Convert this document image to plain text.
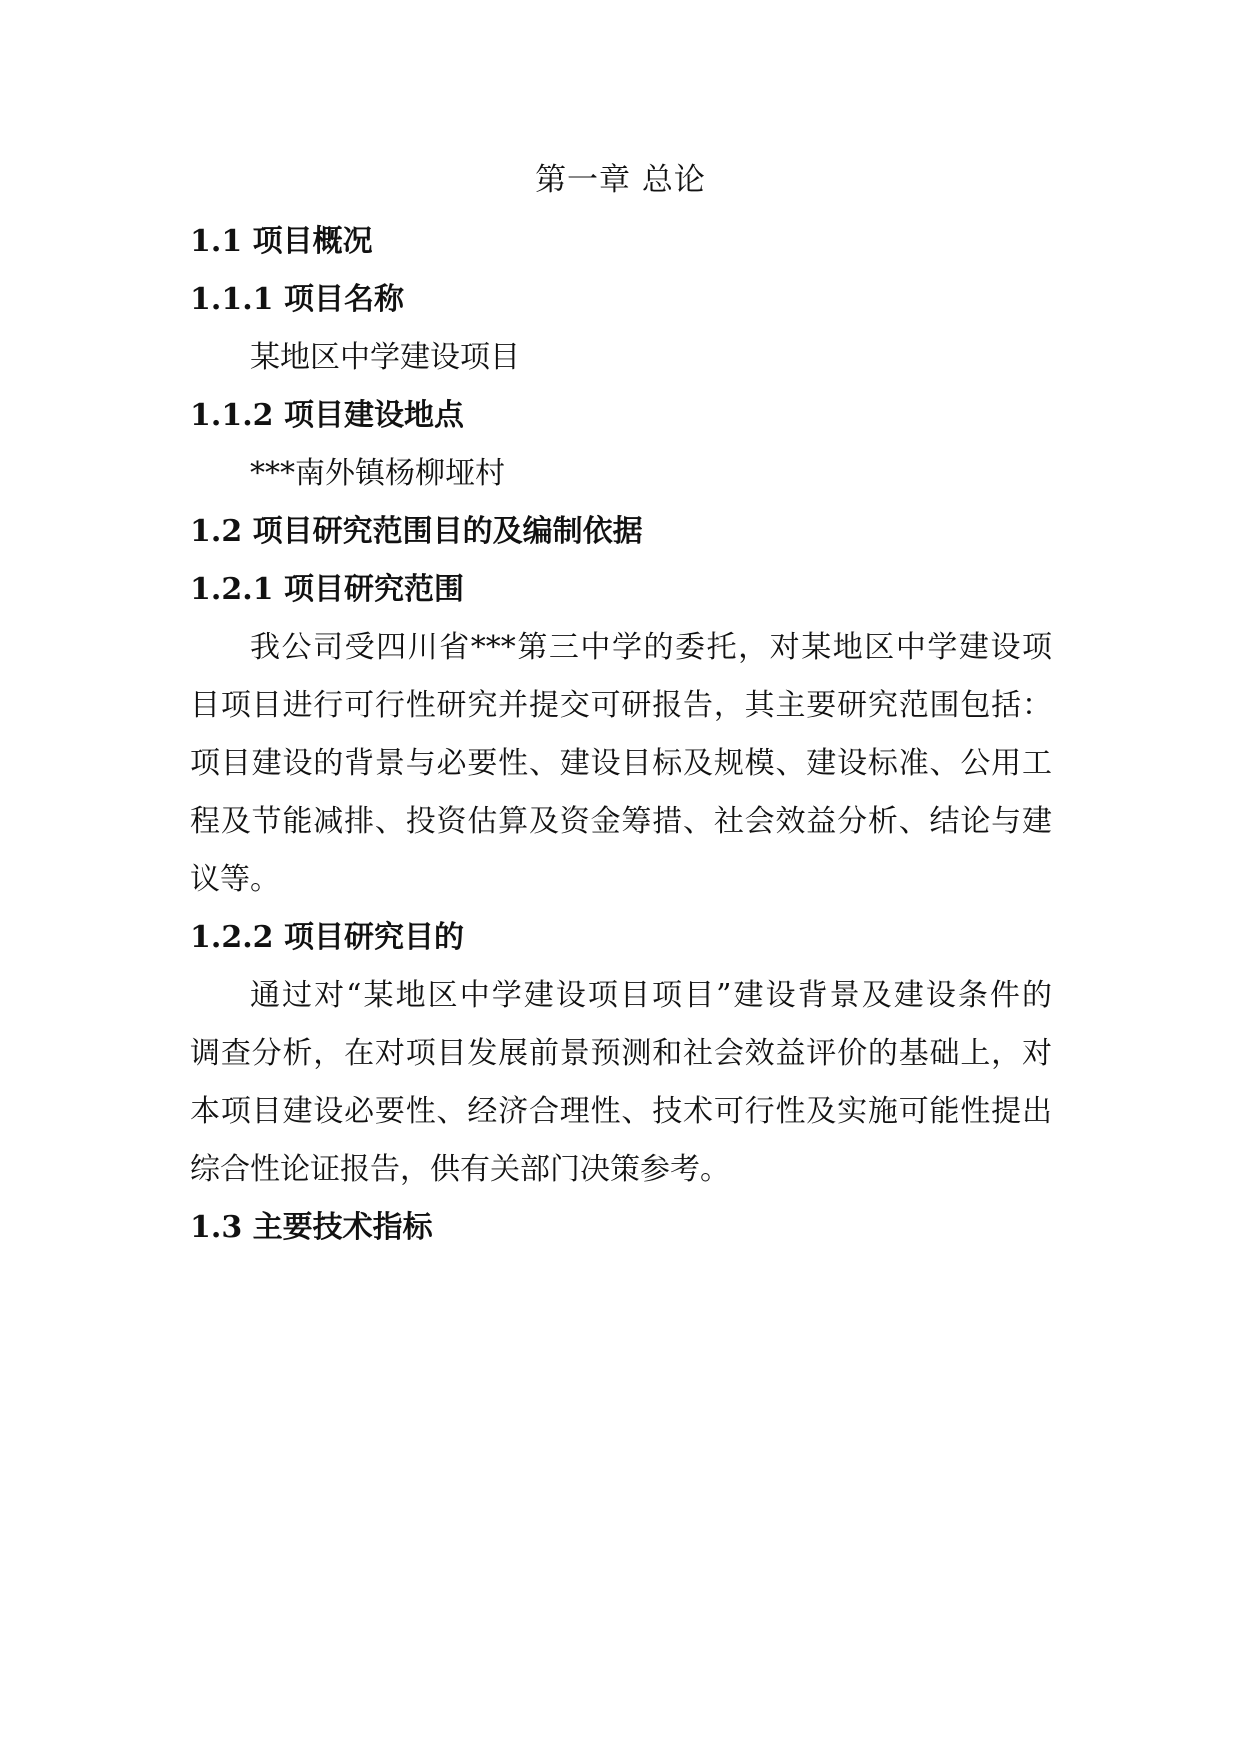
第一章 总论
1.1 项目概况
1.1.1 项目名称
某地区中学建设项目
1.1.2 项目建设地点
***南外镇杨柳垭村
1.2 项目研究范围目的及编制依据
1.2.1 项目研究范围
我公司受四川省***第三中学的委托，对某地区中学建设项
目项目进行可行性研究并提交可研报告，其主要研究范围包括：
项目建设的背景与必要性、建设目标及规模、建设标准、公用工
程及节能减排、投资估算及资金筹措、社会效益分析、结论与建
议等。
1.2.2 项目研究目的
通过对“某地区中学建设项目项目”建设背景及建设条件的
调查分析，在对项目发展前景预测和社会效益评价的基础上，对
本项目建设必要性、经济合理性、技术可行性及实施可能性提出
综合性论证报告，供有关部门决策参考。
1.3 主要技术指标
